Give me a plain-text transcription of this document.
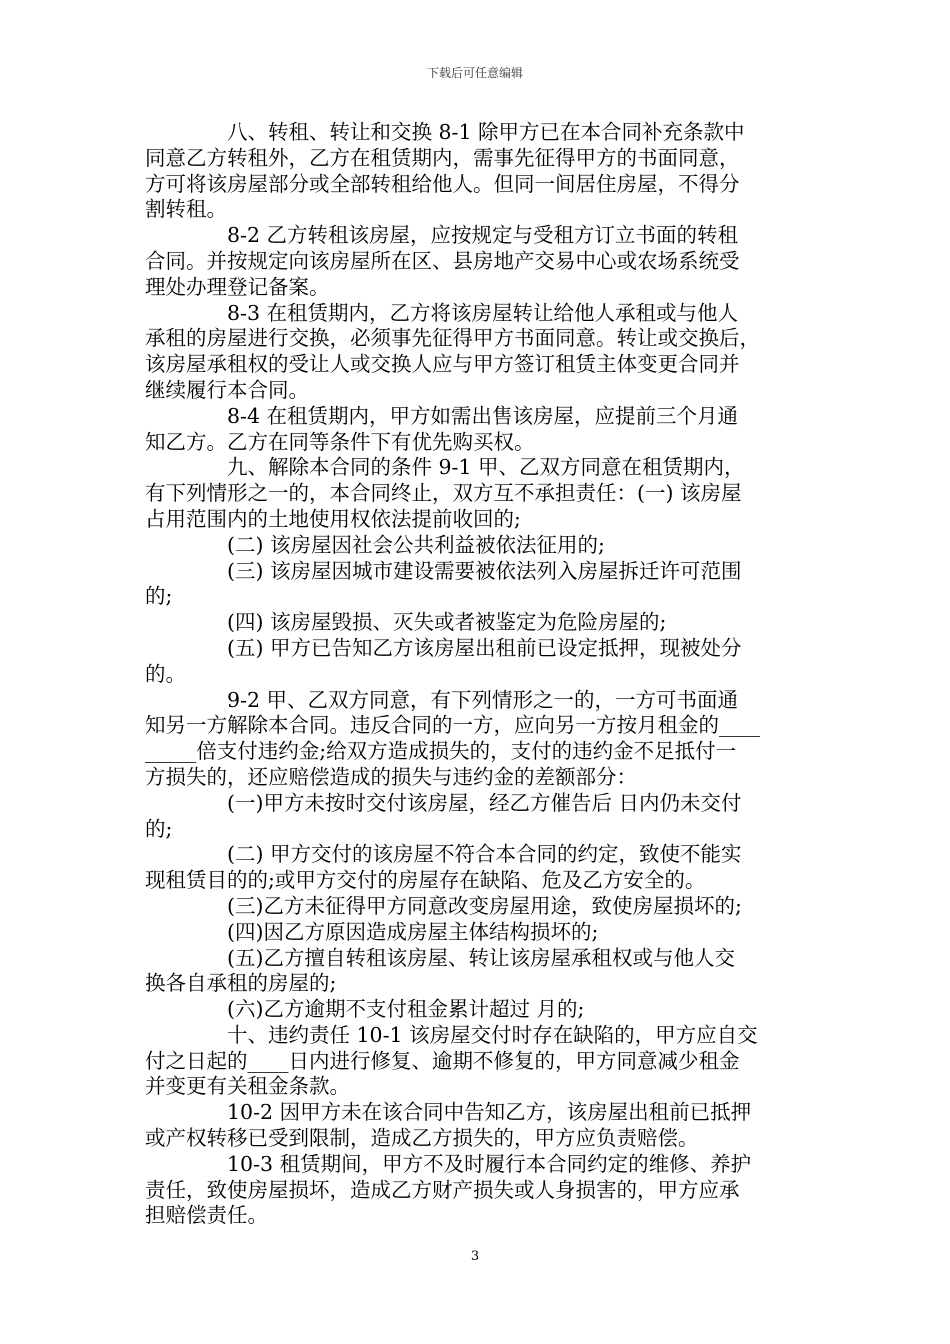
下载后可任意编辑
八、转租、转让和交换 8-1 除甲方已在本合同补充条款中
同意乙方转租外，乙方在租赁期内，需事先征得甲方的书面同意，
方可将该房屋部分或全部转租给他人。但同一间居住房屋，不得分
割转租。
8-2 乙方转租该房屋，应按规定与受租方订立书面的转租
合同。并按规定向该房屋所在区、县房地产交易中心或农场系统受
理处办理登记备案。
8-3 在租赁期内，乙方将该房屋转让给他人承租或与他人
承租的房屋进行交换，必须事先征得甲方书面同意。转让或交换后，
该房屋承租权的受让人或交换人应与甲方签订租赁主体变更合同并
继续履行本合同。
8-4 在租赁期内，甲方如需出售该房屋，应提前三个月通
知乙方。乙方在同等条件下有优先购买权。
九、解除本合同的条件 9-1 甲、乙双方同意在租赁期内，
有下列情形之一的，本合同终止，双方互不承担责任：(一) 该房屋
占用范围内的土地使用权依法提前收回的;
(二) 该房屋因社会公共利益被依法征用的;
(三) 该房屋因城市建设需要被依法列入房屋拆迁许可范围
的;
(四) 该房屋毁损、灭失或者被鉴定为危险房屋的;
(五) 甲方已告知乙方该房屋出租前已设定抵押，现被处分
的。
9-2 甲、乙双方同意，有下列情形之一的，一方可书面通
知另一方解除本合同。违反合同的一方，应向另一方按月租金的____
_____倍支付违约金;给双方造成损失的，支付的违约金不足抵付一
方损失的，还应赔偿造成的损失与违约金的差额部分：
(一)甲方未按时交付该房屋，经乙方催告后 日内仍未交付
的;
(二) 甲方交付的该房屋不符合本合同的约定，致使不能实
现租赁目的的;或甲方交付的房屋存在缺陷、危及乙方安全的。
(三)乙方未征得甲方同意改变房屋用途，致使房屋损坏的;
(四)因乙方原因造成房屋主体结构损坏的;
(五)乙方擅自转租该房屋、转让该房屋承租权或与他人交
换各自承租的房屋的;
(六)乙方逾期不支付租金累计超过 月的;
十、违约责任 10-1 该房屋交付时存在缺陷的，甲方应自交
付之日起的____日内进行修复、逾期不修复的，甲方同意减少租金
并变更有关租金条款。
10-2 因甲方未在该合同中告知乙方，该房屋出租前已抵押
或产权转移已受到限制，造成乙方损失的，甲方应负责赔偿。
10-3 租赁期间，甲方不及时履行本合同约定的维修、养护
责任，致使房屋损坏，造成乙方财产损失或人身损害的，甲方应承
担赔偿责任。
3
